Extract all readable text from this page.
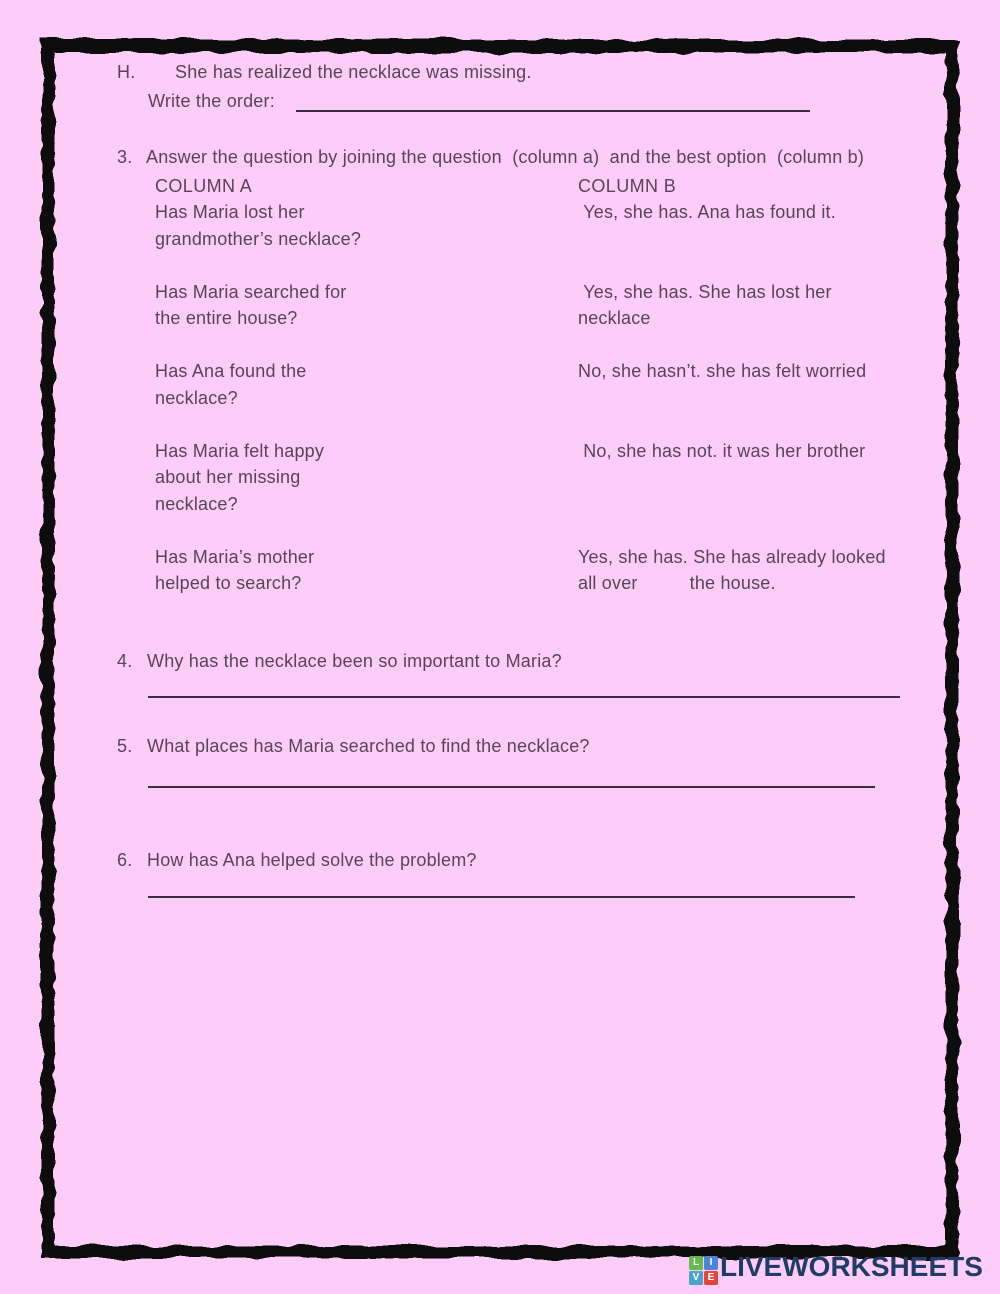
H. She has realized the necklace was missing.
Write the order:
3. Answer the question by joining the question  (column a)  and the best option  (column b)
COLUMN A	COLUMN B
Has Maria lost her
grandmother’s necklace?
Yes, she has. Ana has found it.
Has Maria searched for
the entire house?
Yes, she has. She has lost her
necklace
Has Ana found the
necklace?
No, she hasn’t. she has felt worried
Has Maria felt happy
about her missing
necklace?
No, she has not. it was her brother
Has Maria’s mother
helped to search?
Yes, she has. She has already looked
all over          the house.
4. Why has the necklace been so important to Maria?
5. What places has Maria searched to find the necklace?
6. How has Ana helped solve the problem?
L	I
V E LIVEWORKSHEETS
